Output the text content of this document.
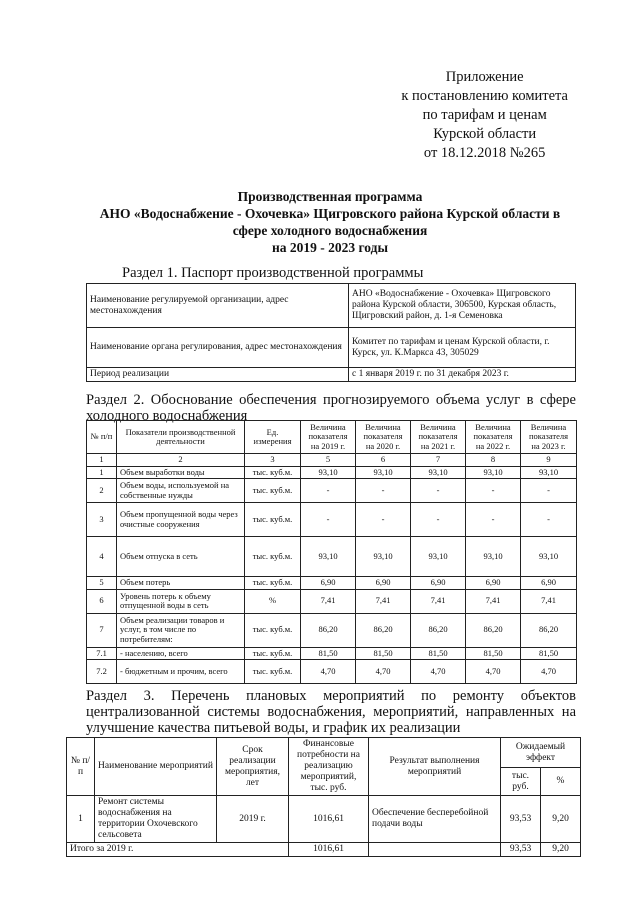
Приложение
к постановлению комитета
по тарифам и ценам
Курской области
от 18.12.2018 №265
Производственная программа
АНО «Водоснабжение - Охочевка» Щигровского района Курской области в
сфере холодного водоснабжения
на 2019 - 2023 годы
Раздел 1. Паспорт производственной программы
Наименование регулируемой организации, адрес местонахождения	АНО «Водоснабжение - Охочевка» Щигровского района Курской области, 306500, Курская область, Щигровский район, д. 1-я Семеновка
Наименование органа регулирования, адрес местонахождения	Комитет по тарифам и ценам Курской области, г. Курск, ул. К.Маркса 43, 305029
Период реализации	с 1 января 2019 г. по 31 декабря 2023 г.
Раздел 2. Обоснование обеспечения прогнозируемого объема услуг в сфере холодного водоснабжения
№ п/п	Показатели производственной деятельности	Ед. измерения	Величина показателя на 2019 г.	Величина показателя на 2020 г.	Величина показателя на 2021 г.	Величина показателя на 2022 г.	Величина показателя на 2023 г.
1	2	3	5	6	7	8	9
1	Объем выработки воды	тыс. куб.м.	93,10	93,10	93,10	93,10	93,10
2	Объем воды, используемой на собственные нужды	тыс. куб.м.	-	-	-	-	-
3	Объем пропущенной воды через очистные сооружения	тыс. куб.м.	-	-	-	-	-
4	Объем отпуска в сеть	тыс. куб.м.	93,10	93,10	93,10	93,10	93,10
5	Объем потерь	тыс. куб.м.	6,90	6,90	6,90	6,90	6,90
6	Уровень потерь к объему отпущенной воды в сеть	%	7,41	7,41	7,41	7,41	7,41
7	Объем реализации товаров и услуг, в том числе по потребителям:	тыс. куб.м.	86,20	86,20	86,20	86,20	86,20
7.1	- населению, всего	тыс. куб.м.	81,50	81,50	81,50	81,50	81,50
7.2	- бюджетным и прочим, всего	тыс. куб.м.	4,70	4,70	4,70	4,70	4,70
Раздел 3. Перечень плановых мероприятий по ремонту объектов централизованной системы водоснабжения, мероприятий, направленных на улучшение качества питьевой воды, и график их реализации
№ п/п	Наименование мероприятий	Срок реализации мероприятия, лет	Финансовые потребности на реализацию мероприятий, тыс. руб.	Результат выполнения мероприятий	Ожидаемый эффект	
					тыс. руб.	%
1	Ремонт системы водоснабжения на территории Охочевского сельсовета	2019 г.	1016,61	Обеспечение бесперебойной подачи воды	93,53	9,20
Итого за 2019 г.			1016,61		93,53	9,20
